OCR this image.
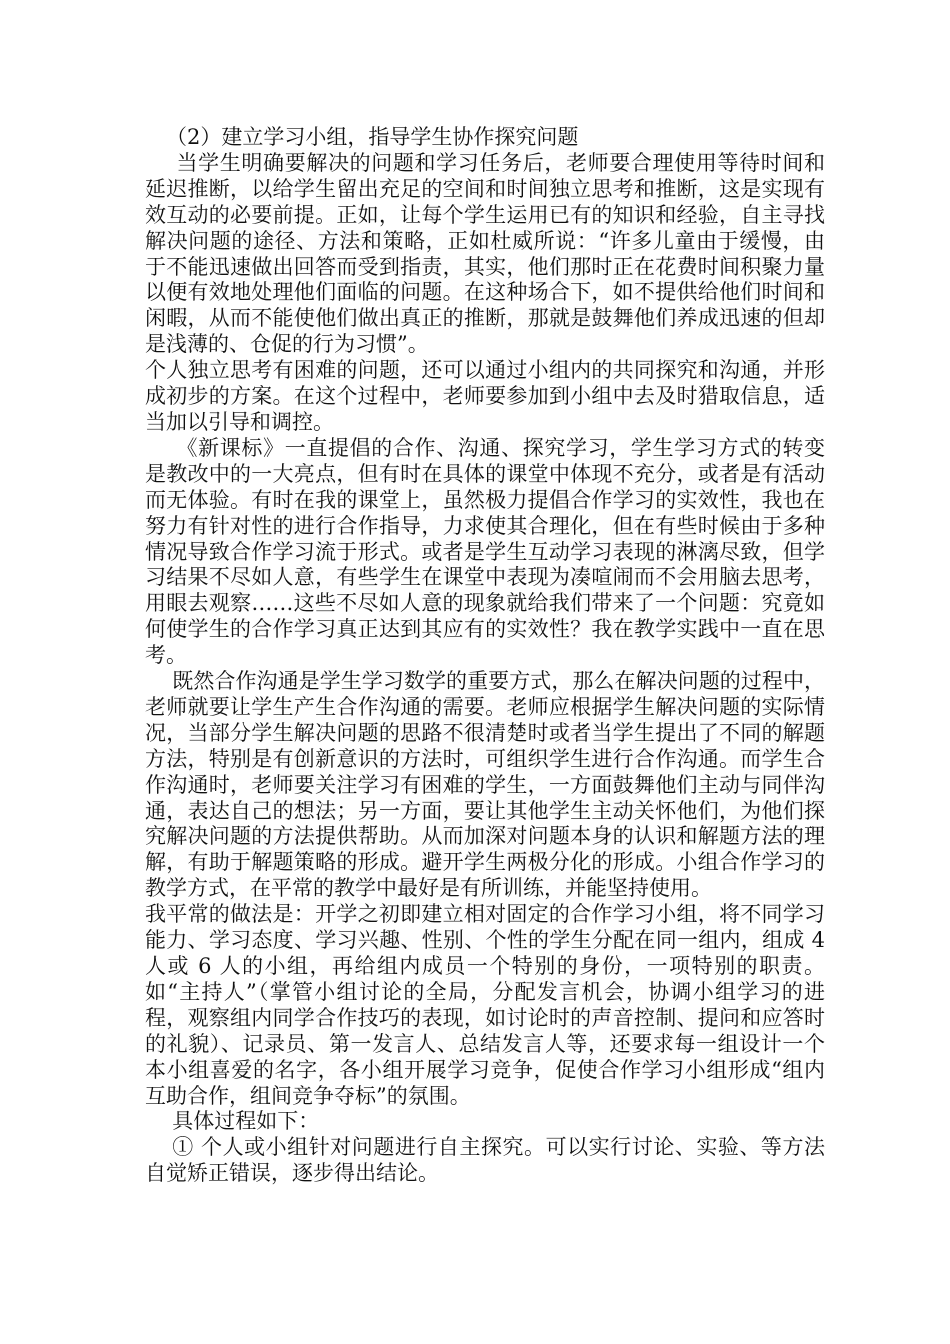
（2）建立学习小组，指导学生协作探究问题

当学生明确要解决的问题和学习任务后，老师要合理使用等待时间和延迟推断，以给学生留出充足的空间和时间独立思考和推断，这是实现有效互动的必要前提。正如，让每个学生运用已有的知识和经验，自主寻找解决问题的途径、方法和策略，正如杜威所说：“许多儿童由于缓慢，由于不能迅速做出回答而受到指责，其实，他们那时正在花费时间积聚力量以便有效地处理他们面临的问题。在这种场合下，如不提供给他们时间和闲暇，从而不能使他们做出真正的推断，那就是鼓舞他们养成迅速的但却是浅薄的、仓促的行为习惯”。

个人独立思考有困难的问题，还可以通过小组内的共同探究和沟通，并形成初步的方案。在这个过程中，老师要参加到小组中去及时猎取信息，适当加以引导和调控。

《新课标》一直提倡的合作、沟通、探究学习，学生学习方式的转变是教改中的一大亮点，但有时在具体的课堂中体现不充分，或者是有活动而无体验。有时在我的课堂上，虽然极力提倡合作学习的实效性，我也在努力有针对性的进行合作指导，力求使其合理化，但在有些时候由于多种情况导致合作学习流于形式。或者是学生互动学习表现的淋漓尽致，但学习结果不尽如人意，有些学生在课堂中表现为凑喧闹而不会用脑去思考，用眼去观察……这些不尽如人意的现象就给我们带来了一个问题：究竟如何使学生的合作学习真正达到其应有的实效性？我在教学实践中一直在思考。

既然合作沟通是学生学习数学的重要方式，那么在解决问题的过程中，老师就要让学生产生合作沟通的需要。老师应根据学生解决问题的实际情况，当部分学生解决问题的思路不很清楚时或者当学生提出了不同的解题方法，特别是有创新意识的方法时，可组织学生进行合作沟通。而学生合作沟通时，老师要关注学习有困难的学生，一方面鼓舞他们主动与同伴沟通，表达自己的想法；另一方面，要让其他学生主动关怀他们，为他们探究解决问题的方法提供帮助。从而加深对问题本身的认识和解题方法的理解，有助于解题策略的形成。避开学生两极分化的形成。小组合作学习的教学方式，在平常的教学中最好是有所训练，并能坚持使用。

我平常的做法是：开学之初即建立相对固定的合作学习小组，将不同学习能力、学习态度、学习兴趣、性别、个性的学生分配在同一组内，组成 4 人或 6 人的小组，再给组内成员一个特别的身份，一项特别的职责。如“主持人”（掌管小组讨论的全局，分配发言机会，协调小组学习的进程，观察组内同学合作技巧的表现，如讨论时的声音控制、提问和应答时的礼貌）、记录员、第一发言人、总结发言人等，还要求每一组设计一个本小组喜爱的名字，各小组开展学习竞争，促使合作学习小组形成“组内互助合作，组间竞争夺标”的氛围。

具体过程如下：

① 个人或小组针对问题进行自主探究。可以实行讨论、实验、等方法自觉矫正错误，逐步得出结论。
